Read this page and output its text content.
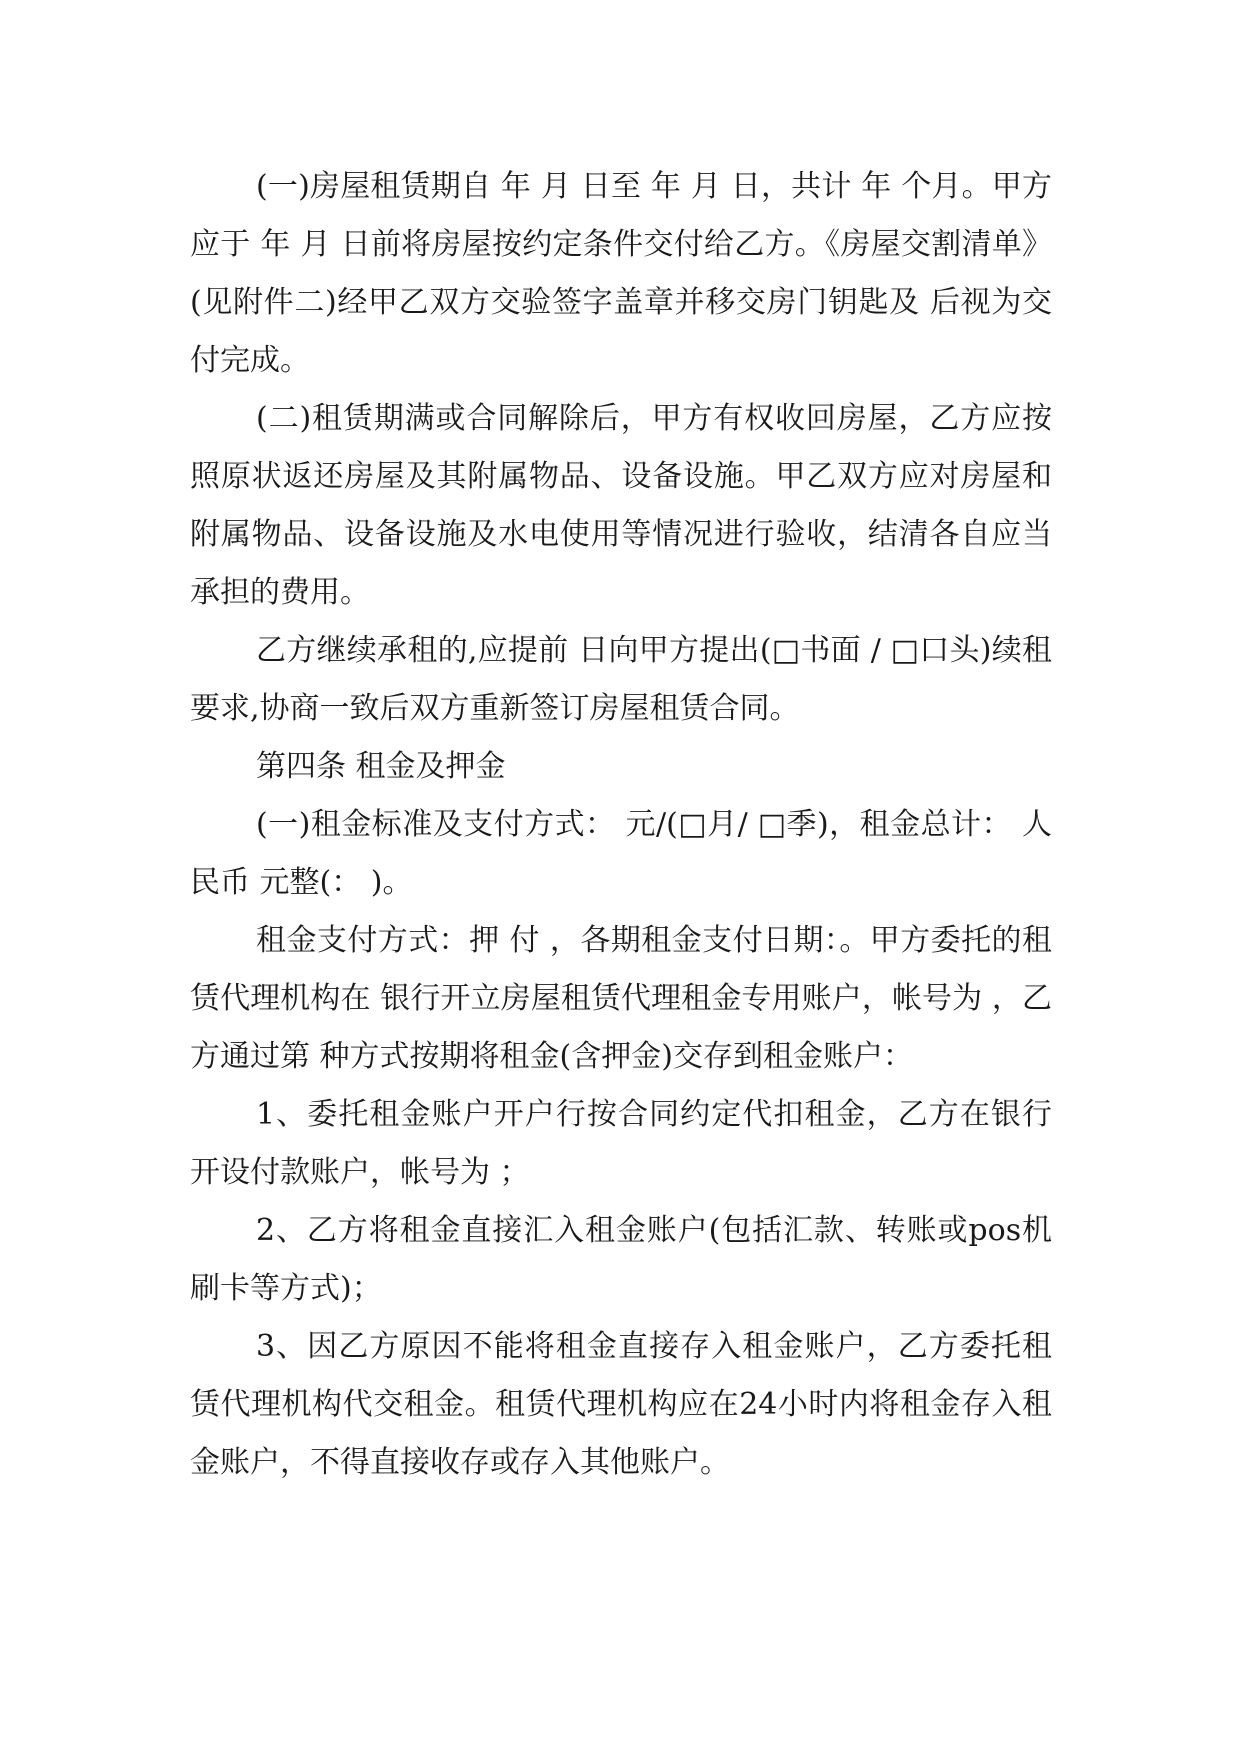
(一)房屋租赁期自 年 月 日至 年 月 日，共计 年 个月。甲方应于 年 月 日前将房屋按约定条件交付给乙方。《房屋交割清单》(见附件二)经甲乙双方交验签字盖章并移交房门钥匙及 后视为交付完成。

(二)租赁期满或合同解除后，甲方有权收回房屋，乙方应按照原状返还房屋及其附属物品、设备设施。甲乙双方应对房屋和附属物品、设备设施及水电使用等情况进行验收，结清各自应当承担的费用。

乙方继续承租的,应提前 日向甲方提出(□书面 / □口头)续租要求,协商一致后双方重新签订房屋租赁合同。

第四条 租金及押金

(一)租金标准及支付方式： 元/(□月/ □季)，租金总计： 人民币 元整(： )。

租金支付方式：押 付 ，各期租金支付日期：。甲方委托的租赁代理机构在 银行开立房屋租赁代理租金专用账户，帐号为 ，乙方通过第 种方式按期将租金(含押金)交存到租金账户：

1、委托租金账户开户行按合同约定代扣租金，乙方在银行开设付款账户，帐号为 ；

2、乙方将租金直接汇入租金账户(包括汇款、转账或pos机刷卡等方式)；

3、因乙方原因不能将租金直接存入租金账户，乙方委托租赁代理机构代交租金。租赁代理机构应在24小时内将租金存入租金账户，不得直接收存或存入其他账户。
